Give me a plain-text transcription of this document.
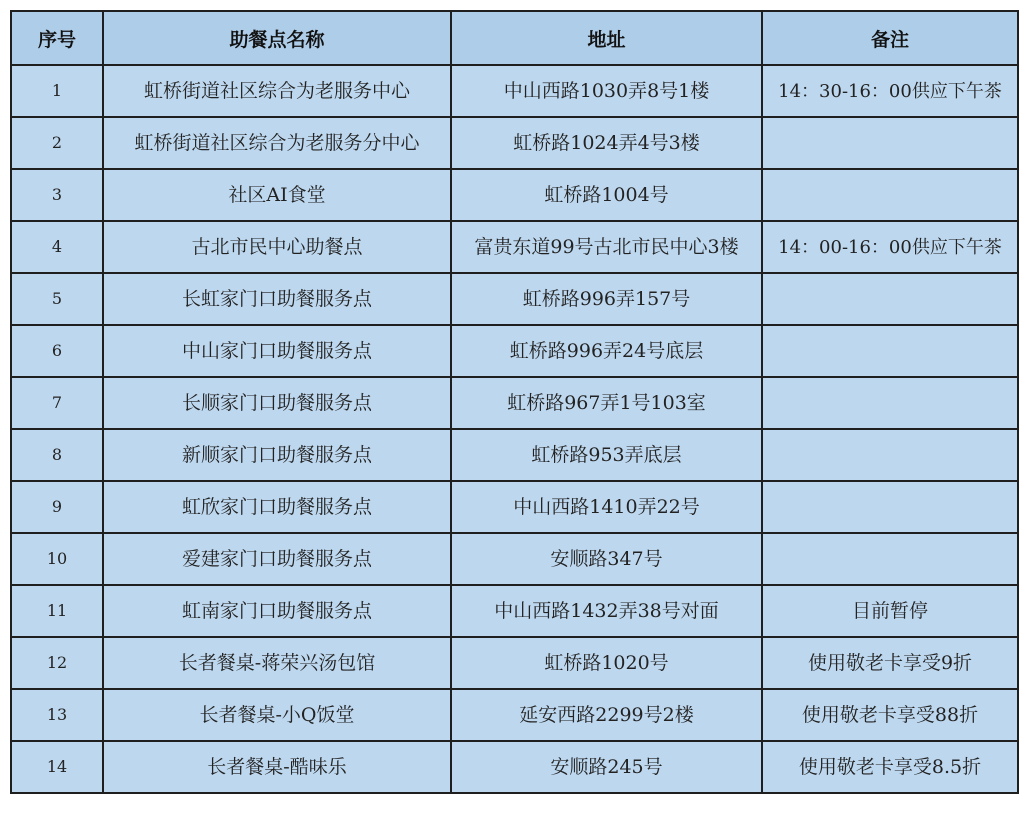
序号	助餐点名称	地址	备注
1	虹桥街道社区综合为老服务中心	中山西路1030弄8号1楼	14：30-16：00供应下午茶
2	虹桥街道社区综合为老服务分中心	虹桥路1024弄4号3楼	
3	社区AI食堂	虹桥路1004号	
4	古北市民中心助餐点	富贵东道99号古北市民中心3楼	14：00-16：00供应下午茶
5	长虹家门口助餐服务点	虹桥路996弄157号	
6	中山家门口助餐服务点	虹桥路996弄24号底层	
7	长顺家门口助餐服务点	虹桥路967弄1号103室	
8	新顺家门口助餐服务点	虹桥路953弄底层	
9	虹欣家门口助餐服务点	中山西路1410弄22号	
10	爱建家门口助餐服务点	安顺路347号	
11	虹南家门口助餐服务点	中山西路1432弄38号对面	目前暂停
12	长者餐桌-蒋荣兴汤包馆	虹桥路1020号	使用敬老卡享受9折
13	长者餐桌-小Q饭堂	延安西路2299号2楼	使用敬老卡享受88折
14	长者餐桌-酷味乐	安顺路245号	使用敬老卡享受8.5折
